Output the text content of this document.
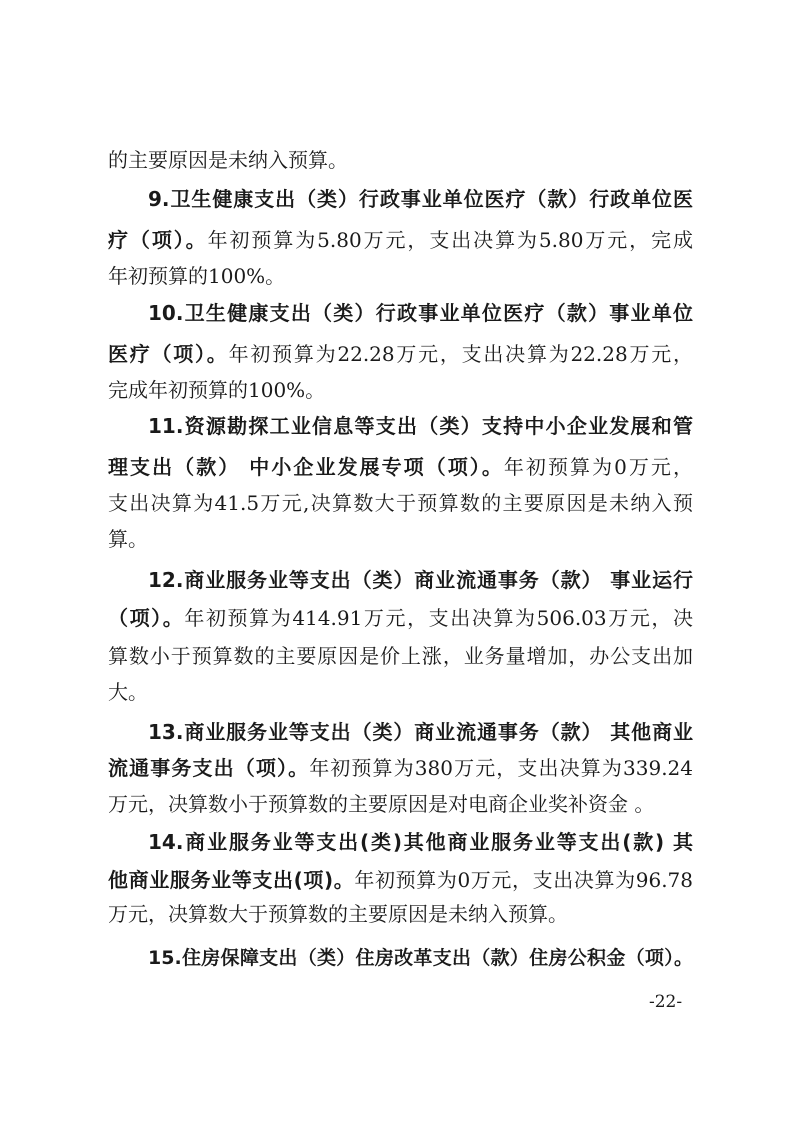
的主要原因是未纳入预算。
9.卫生健康支出（类）行政事业单位医疗（款）行政单位医
疗（项）。年初预算为5.80万元，支出决算为5.80万元，完成
年初预算的100%。
10.卫生健康支出（类）行政事业单位医疗（款）事业单位
医疗（项）。年初预算为22.28万元，支出决算为22.28万元，
完成年初预算的100%。
11.资源勘探工业信息等支出（类）支持中小企业发展和管
理支出（款） 中小企业发展专项（项）。年初预算为0万元，
支出决算为41.5万元,决算数大于预算数的主要原因是未纳入预
算。
12.商业服务业等支出（类）商业流通事务（款） 事业运行
（项）。年初预算为414.91万元，支出决算为506.03万元，决
算数小于预算数的主要原因是价上涨，业务量增加，办公支出加
大。
13.商业服务业等支出（类）商业流通事务（款） 其他商业
流通事务支出（项）。年初预算为380万元，支出决算为339.24
万元，决算数小于预算数的主要原因是对电商企业奖补资金 。
14.商业服务业等支出(类)其他商业服务业等支出(款) 其
他商业服务业等支出(项)。年初预算为0万元，支出决算为96.78
万元，决算数大于预算数的主要原因是未纳入预算。
15.住房保障支出（类）住房改革支出（款）住房公积金（项）。
-22-
